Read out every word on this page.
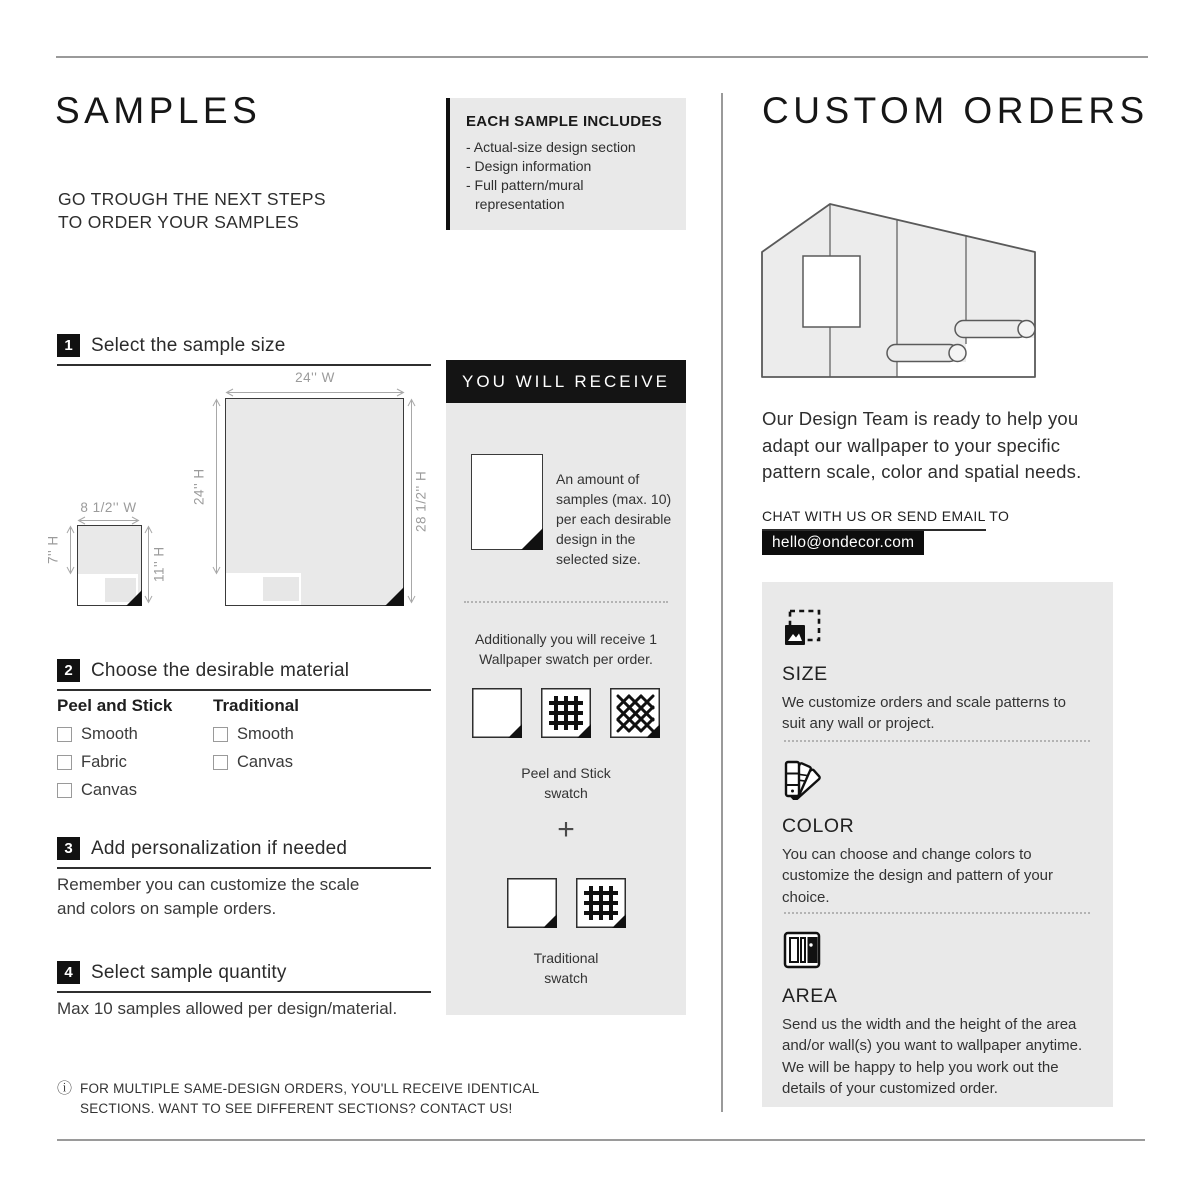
SAMPLES
GO TROUGH THE NEXT STEPS TO ORDER YOUR SAMPLES
1 Select the sample size
24'' W
24'' H	28 1/2'' H
8 1/2'' W
7'' H	11'' H
2 Choose the desirable material
Peel and Stick
Smooth
Fabric
Canvas
Traditional
Smooth
Canvas
3 Add personalization if needed
Remember you can customize the scale and colors on sample orders.
4 Select sample quantity
Max 10 samples allowed per design/material.
ⓘ FOR MULTIPLE SAME-DESIGN ORDERS, YOU'LL RECEIVE IDENTICAL SECTIONS. WANT TO SEE DIFFERENT SECTIONS? CONTACT US!
EACH SAMPLE INCLUDES
- Actual-size design section
- Design information
- Full pattern/mural representation
YOU WILL RECEIVE
An amount of samples (max. 10) per each desirable design in the selected size.
Additionally you will receive 1 Wallpaper swatch per order.
Peel and Stick swatch
+
Traditional swatch
CUSTOM ORDERS
Our Design Team is ready to help you adapt our wallpaper to your specific pattern scale, color and spatial needs.
CHAT WITH US OR SEND EMAIL TO
hello@ondecor.com
SIZE
We customize orders and scale patterns to suit any wall or project.
COLOR
You can choose and change colors to customize the design and pattern of your choice.
AREA
Send us the width and the height of the area and/or wall(s) you want to wallpaper anytime. We will be happy to help you work out the details of your customized order.
